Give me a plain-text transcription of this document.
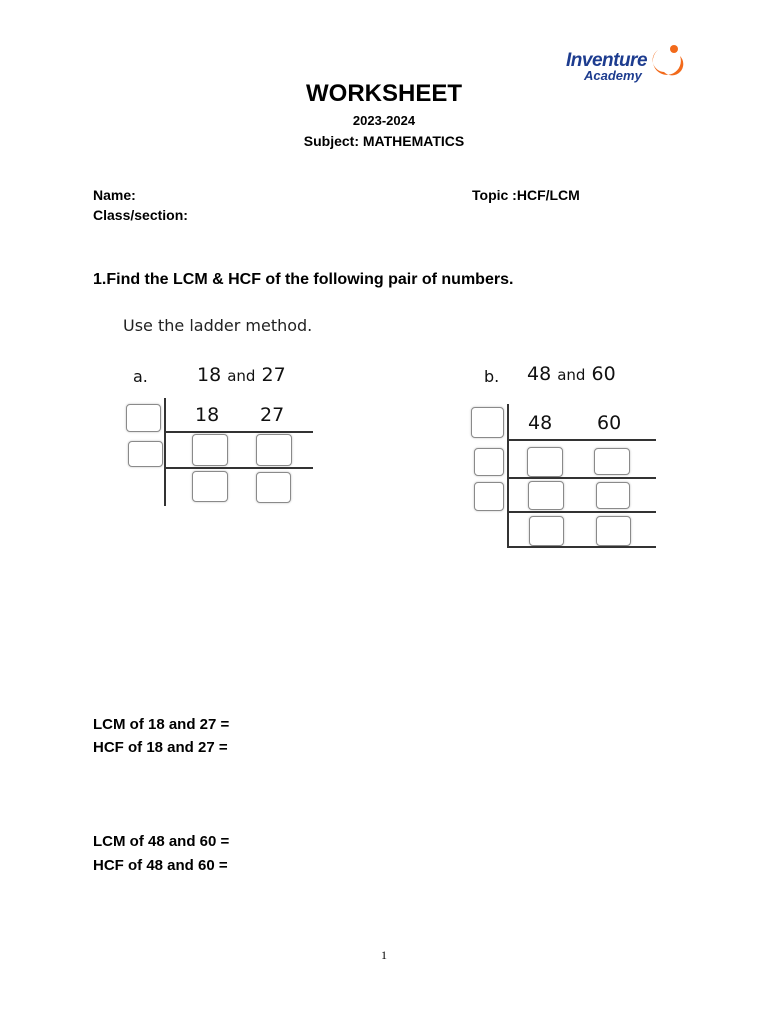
Inventure
Academy
WORKSHEET
2023-2024
Subject: MATHEMATICS
Name:	Topic :HCF/LCM
Class/section:
1.Find the LCM & HCF of the following pair of numbers.
Use the ladder method.
a.	18 and 27
18 27
b. 48 and 60
48 60
LCM of 18 and 27 =
HCF of 18 and 27 =
LCM of 48 and 60 =
HCF of 48 and 60 =
1
